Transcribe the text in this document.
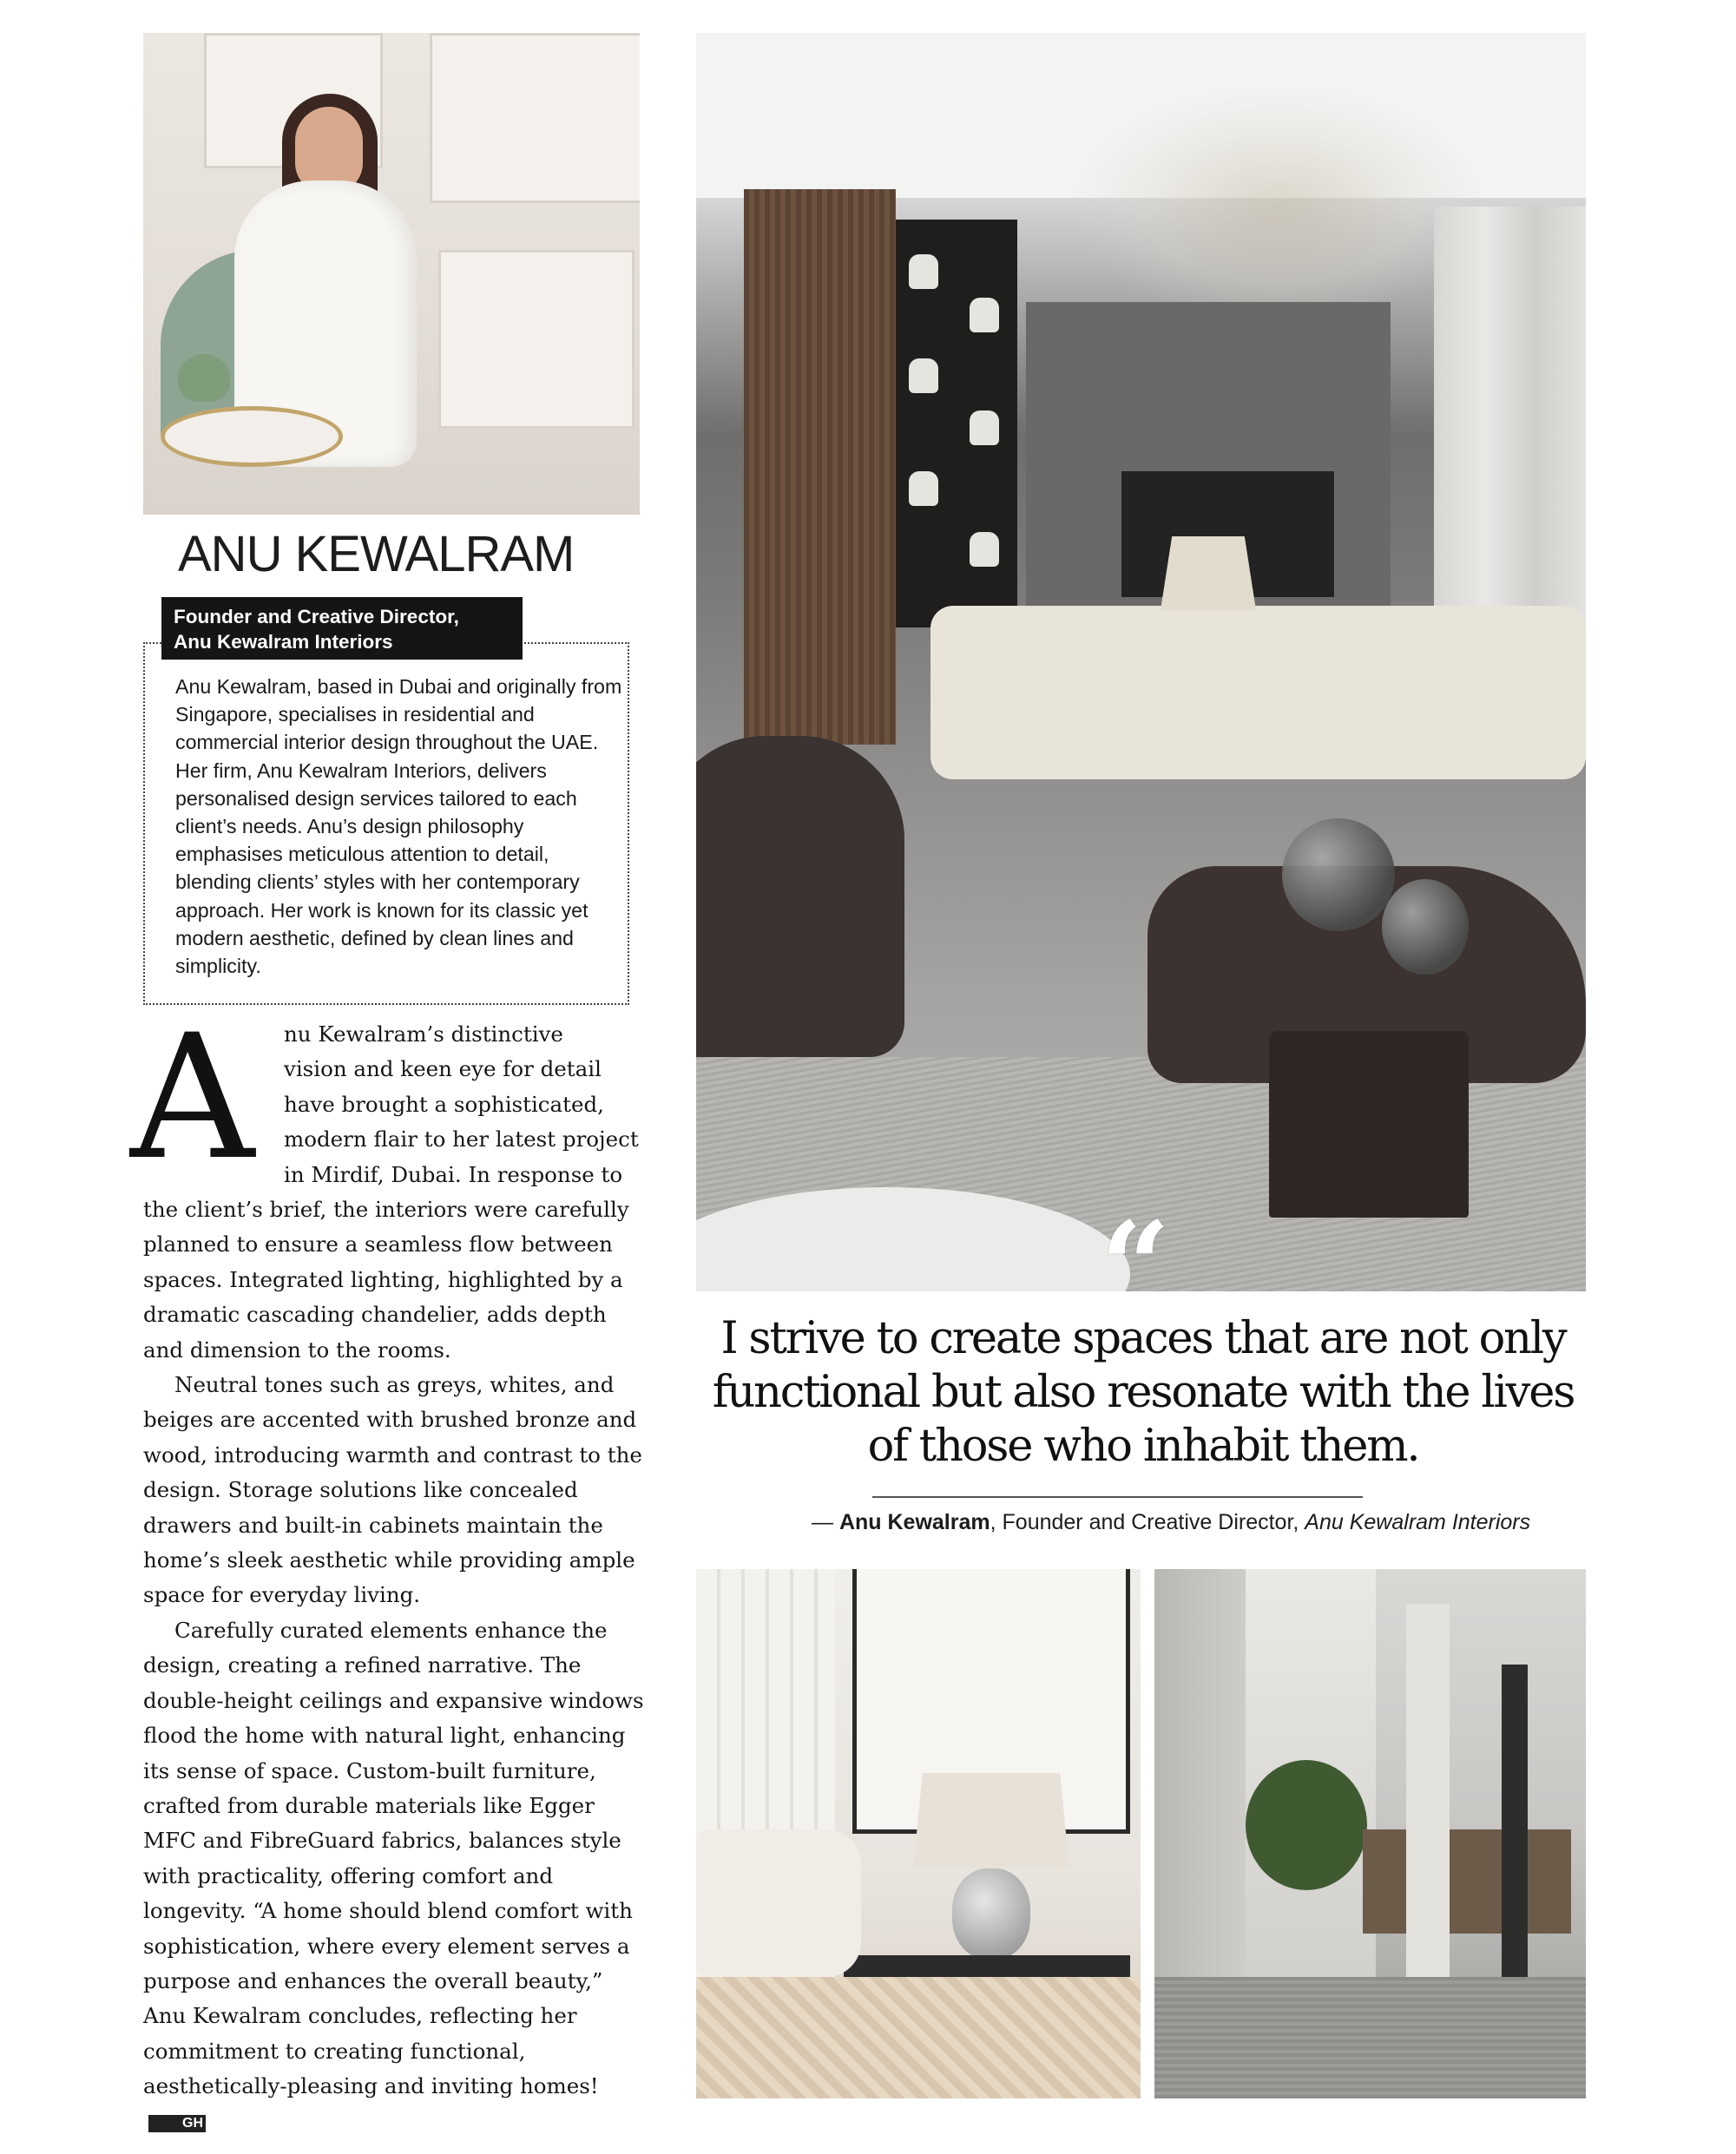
ANU KEWALRAM
Founder and Creative Director,
Anu Kewalram Interiors
Anu Kewalram, based in Dubai and originally from Singapore, specialises in residential and commercial interior design throughout the UAE. Her firm, Anu Kewalram Interiors, delivers personalised design services tailored to each client’s needs. Anu’s design philosophy emphasises meticulous attention to detail, blending clients’ styles with her contemporary approach. Her work is known for its classic yet modern aesthetic, defined by clean lines and simplicity.
A nu Kewalram’s distinctive
vision and keen eye for detail
have brought a sophisticated,
modern flair to her latest project
in Mirdif, Dubai. In response to

the client’s brief, the interiors were carefully planned to ensure a seamless flow between spaces. Integrated lighting, highlighted by a dramatic cascading chandelier, adds depth and dimension to the rooms.

Neutral tones such as greys, whites, and beiges are accented with brushed bronze and wood, introducing warmth and contrast to the design. Storage solutions like concealed drawers and built-in cabinets maintain the home’s sleek aesthetic while providing ample space for everyday living.

Carefully curated elements enhance the design, creating a refined narrative. The double-height ceilings and expansive windows flood the home with natural light, enhancing its sense of space. Custom-built furniture, crafted from durable materials like Egger MFC and FibreGuard fabrics, balances style with practicality, offering comfort and longevity. “A home should blend comfort with sophistication, where every element serves a purpose and enhances the overall beauty,” Anu Kewalram concludes, reflecting her commitment to creating functional, aesthetically-pleasing and inviting homes!GH

“
I strive to create spaces that are not only functional but also resonate with the lives of those who inhabit them.
— Anu Kewalram, Founder and Creative Director, Anu Kewalram Interiors
